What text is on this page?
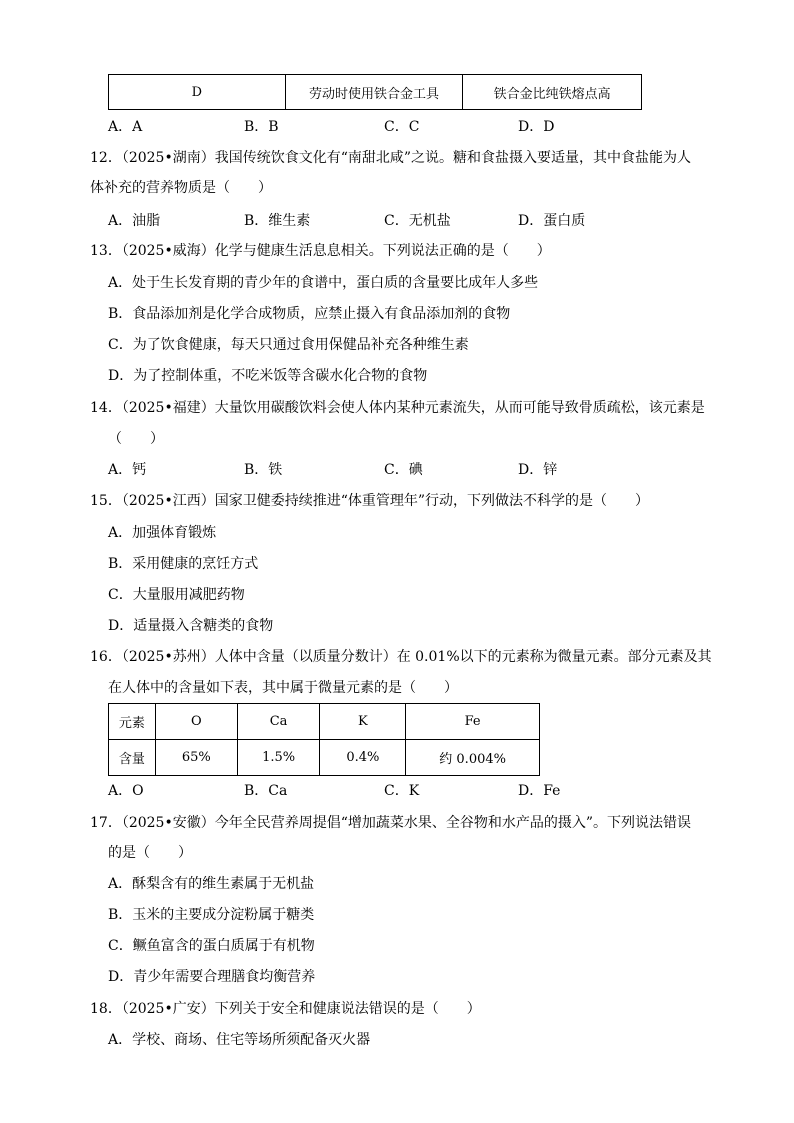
D	劳动时使用铁合金工具	铁合金比纯铁熔点高
A．A	B．B	C．C	D．D
12．（2025•湖南）我国传统饮食文化有“南甜北咸”之说。糖和食盐摄入要适量，其中食盐能为人
体补充的营养物质是（　　）
A．油脂	B．维生素	C．无机盐	D．蛋白质
13．（2025•威海）化学与健康生活息息相关。下列说法正确的是（　　）
A．处于生长发育期的青少年的食谱中，蛋白质的含量要比成年人多些
B．食品添加剂是化学合成物质，应禁止摄入有食品添加剂的食物
C．为了饮食健康，每天只通过食用保健品补充各种维生素
D．为了控制体重，不吃米饭等含碳水化合物的食物
14．（2025•福建）大量饮用碳酸饮料会使人体内某种元素流失，从而可能导致骨质疏松，该元素是
（　　）
A．钙	B．铁	C．碘	D．锌
15．（2025•江西）国家卫健委持续推进“体重管理年”行动，下列做法不科学的是（　　）
A．加强体育锻炼
B．采用健康的烹饪方式
C．大量服用减肥药物
D．适量摄入含糖类的食物
16．（2025•苏州）人体中含量（以质量分数计）在 0.01%以下的元素称为微量元素。部分元素及其
在人体中的含量如下表，其中属于微量元素的是（　　）
元素	O	Ca	K	Fe
含量	65%	1.5%	0.4%	约 0.004%
A．O	B．Ca	C．K	D．Fe
17．（2025•安徽）今年全民营养周提倡“增加蔬菜水果、全谷物和水产品的摄入”。下列说法错误
的是（　　）
A．酥梨含有的维生素属于无机盐
B．玉米的主要成分淀粉属于糖类
C．鳜鱼富含的蛋白质属于有机物
D．青少年需要合理膳食均衡营养
18．（2025•广安）下列关于安全和健康说法错误的是（　　）
A．学校、商场、住宅等场所须配备灭火器
